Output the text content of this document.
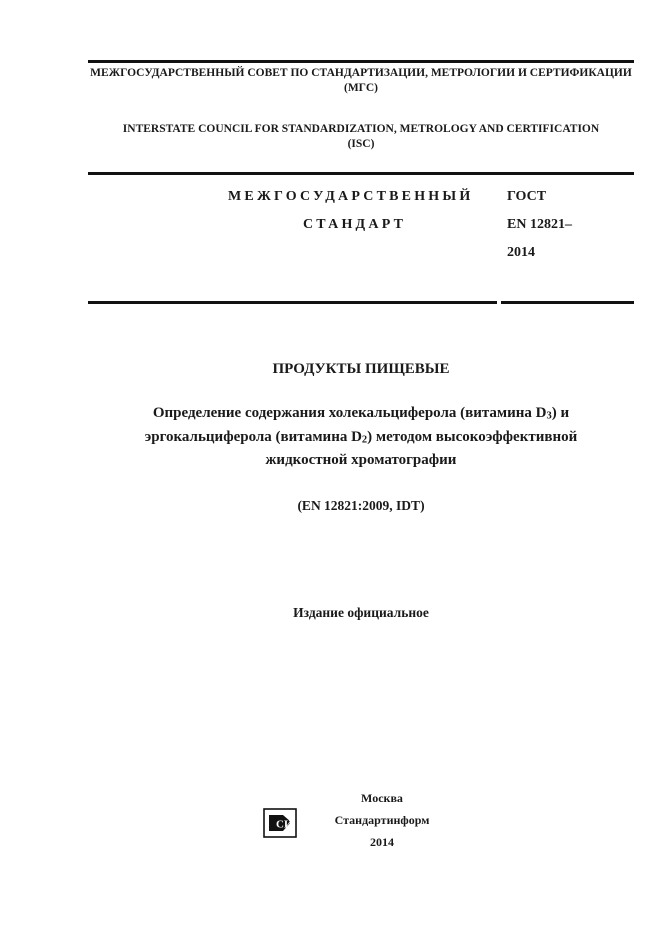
МЕЖГОСУДАРСТВЕННЫЙ СОВЕТ ПО СТАНДАРТИЗАЦИИ, МЕТРОЛОГИИ И СЕРТИФИКАЦИИ
(МГС)
INTERSTATE COUNCIL FOR STANDARDIZATION, METROLOGY AND CERTIFICATION
(ISC)
МЕЖГОСУДАРСТВЕННЫЙ
СТАНДАРТ
ГОСТ
EN 12821–
2014
ПРОДУКТЫ ПИЩЕВЫЕ
Определение содержания холекальциферола (витамина $D_3$) и
эргокальциферола (витамина $D_2$) методом высокоэффективной
жидкостной хроматографии
(EN 12821:2009, IDT)
Издание официальное
Москва
Стандартинформ
2014
СИ
